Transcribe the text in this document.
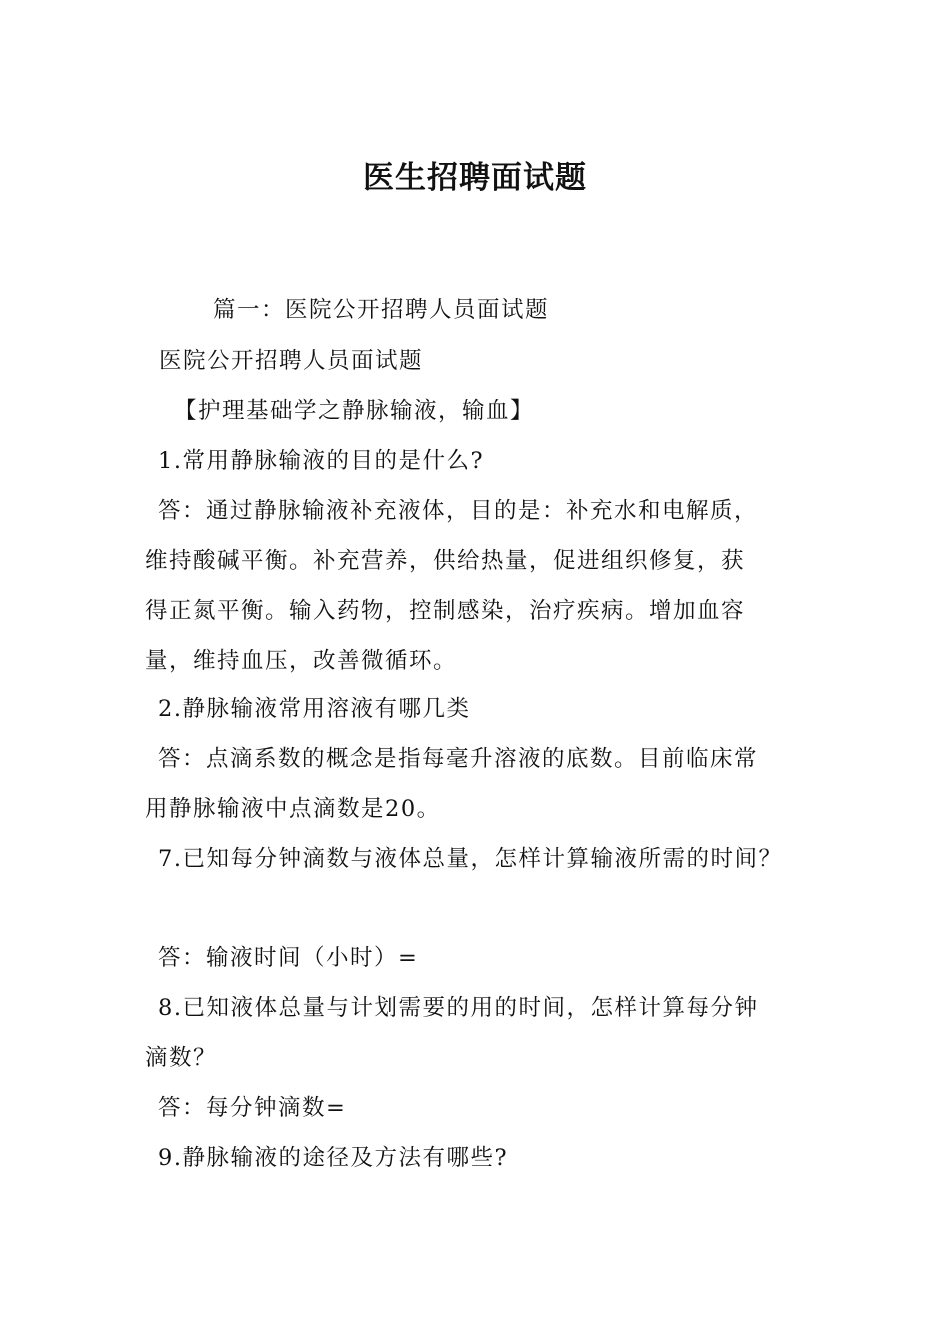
医生招聘面试题
篇一：医院公开招聘人员面试题
医院公开招聘人员面试题
【护理基础学之静脉输液，输血】
1.常用静脉输液的目的是什么?
答：通过静脉输液补充液体，目的是：补充水和电解质，
维持酸碱平衡。补充营养，供给热量，促进组织修复，获
得正氮平衡。输入药物，控制感染，治疗疾病。增加血容
量，维持血压，改善微循环。
2.静脉输液常用溶液有哪几类
答：点滴系数的概念是指每毫升溶液的底数。目前临床常
用静脉输液中点滴数是20。
7.已知每分钟滴数与液体总量，怎样计算输液所需的时间？
答：输液时间（小时）=
8.已知液体总量与计划需要的用的时间，怎样计算每分钟
滴数？
答：每分钟滴数=
9.静脉输液的途径及方法有哪些?
